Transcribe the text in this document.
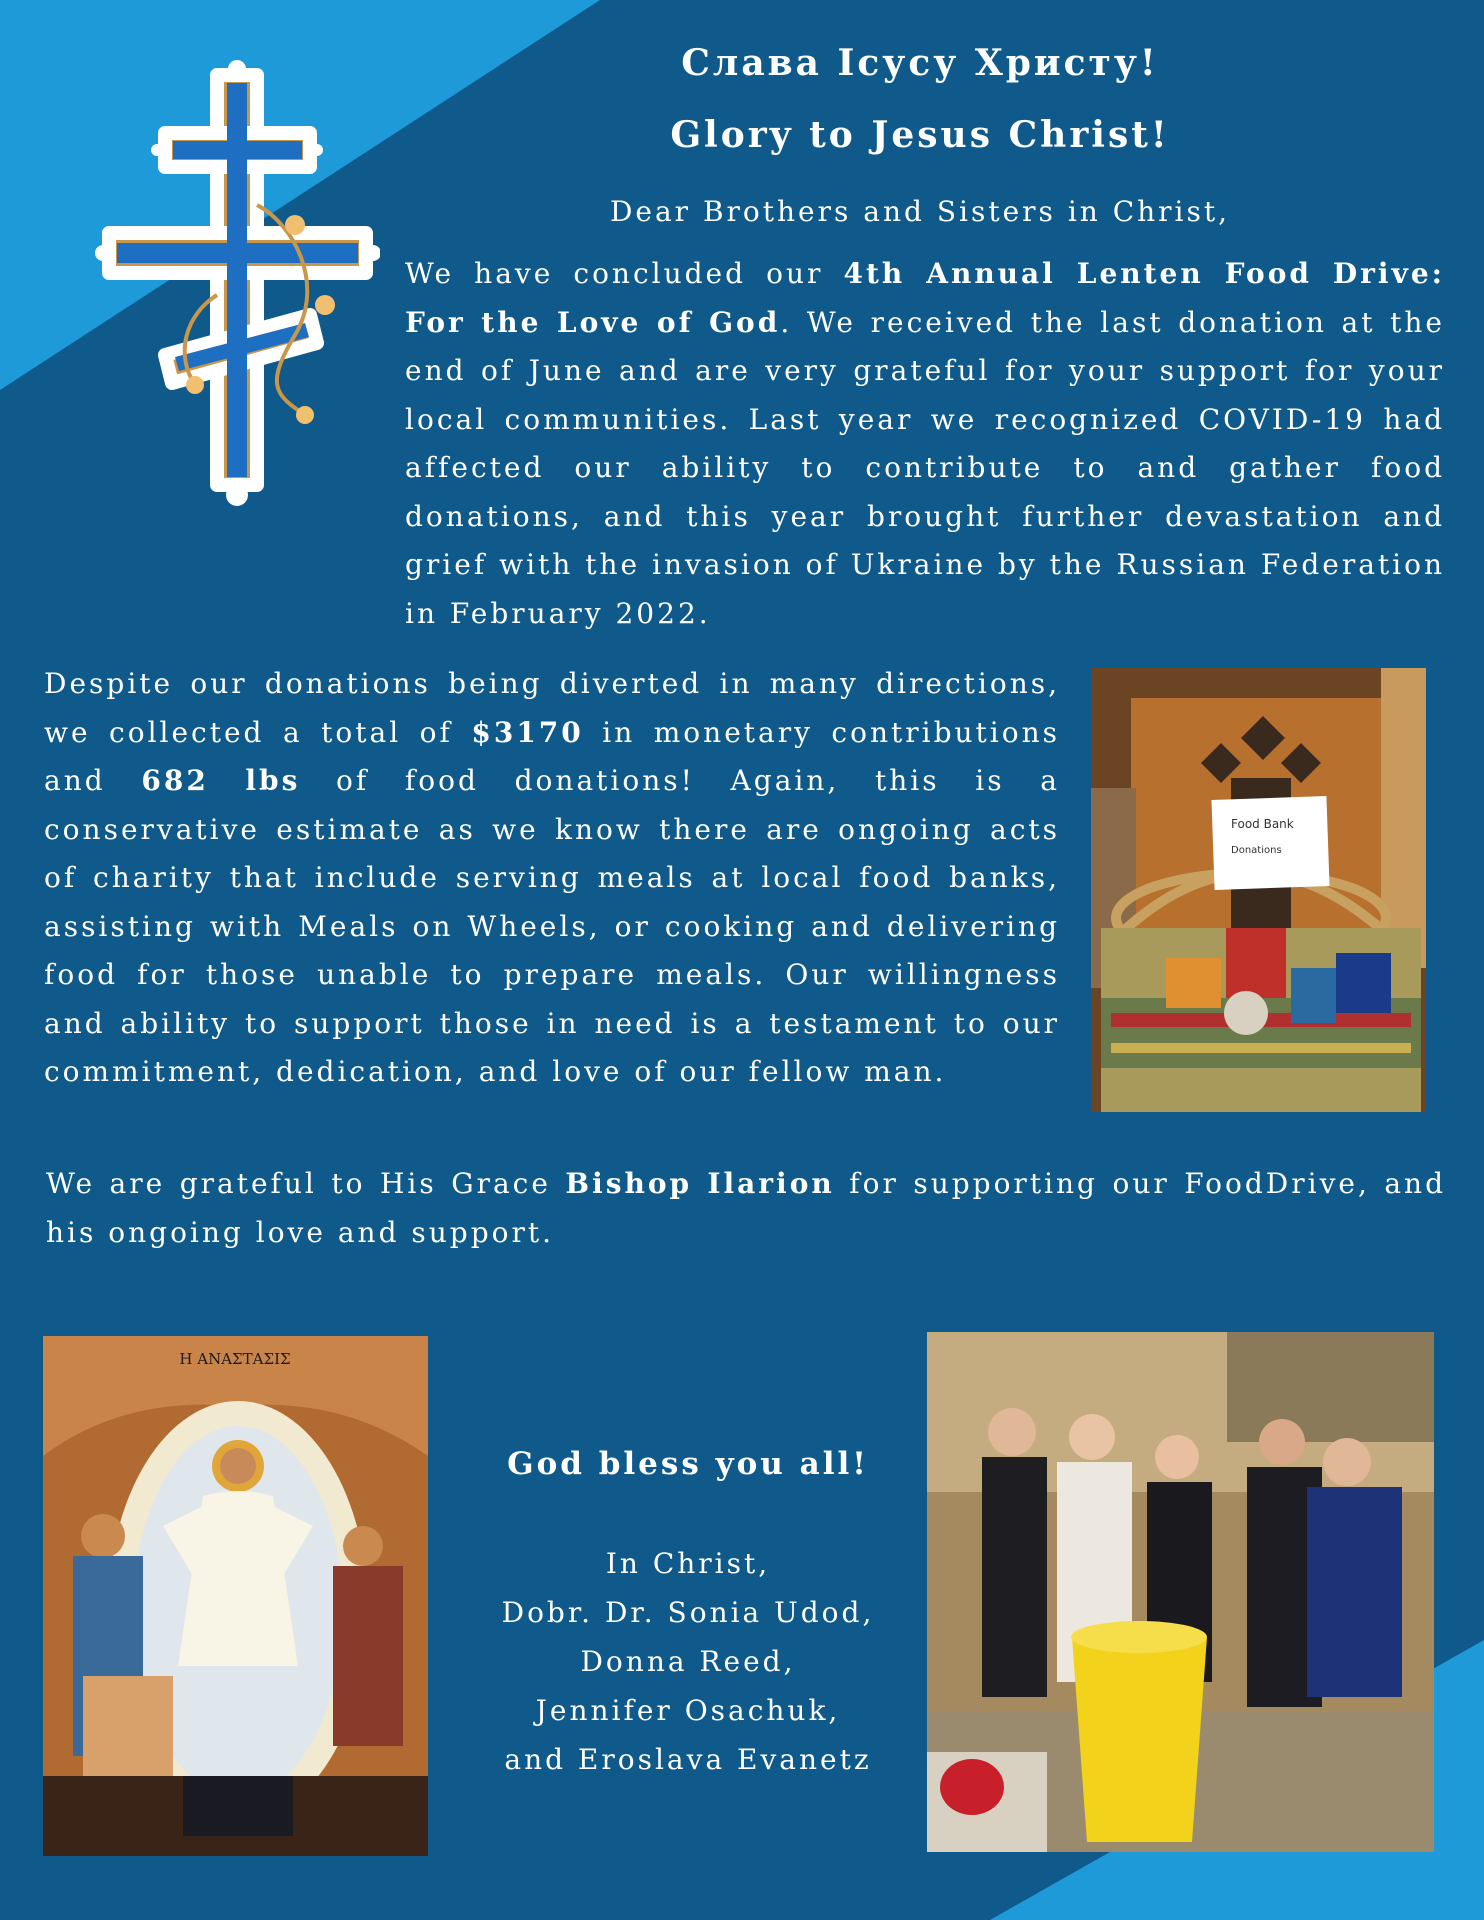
Слава Ісусу Христу!
Glory to Jesus Christ!
Dear Brothers and Sisters in Christ,
We have concluded our 4th Annual Lenten Food Drive: For the Love of God. We received the last donation at the end of June and are very grateful for your support for your local communities. Last year we recognized COVID-19 had affected our ability to contribute to and gather food donations, and this year brought further devastation and grief with the invasion of Ukraine by the Russian Federation in February 2022.
Despite our donations being diverted in many directions, we collected a total of $3170 in monetary contributions and 682 lbs of food donations! Again, this is a conservative estimate as we know there are ongoing acts of charity that include serving meals at local food banks, assisting with Meals on Wheels, or cooking and delivering food for those unable to prepare meals. Our willingness and ability to support those in need is a testament to our commitment, dedication, and love of our fellow man.
Food Bank
Donations
We are grateful to His Grace Bishop Ilarion for supporting our FoodDrive, and his ongoing love and support.
Η ΑΝΑΣΤΑΣΙΣ
God bless you all!
In Christ,
Dobr. Dr. Sonia Udod,
Donna Reed,
Jennifer Osachuk,
and Eroslava Evanetz
